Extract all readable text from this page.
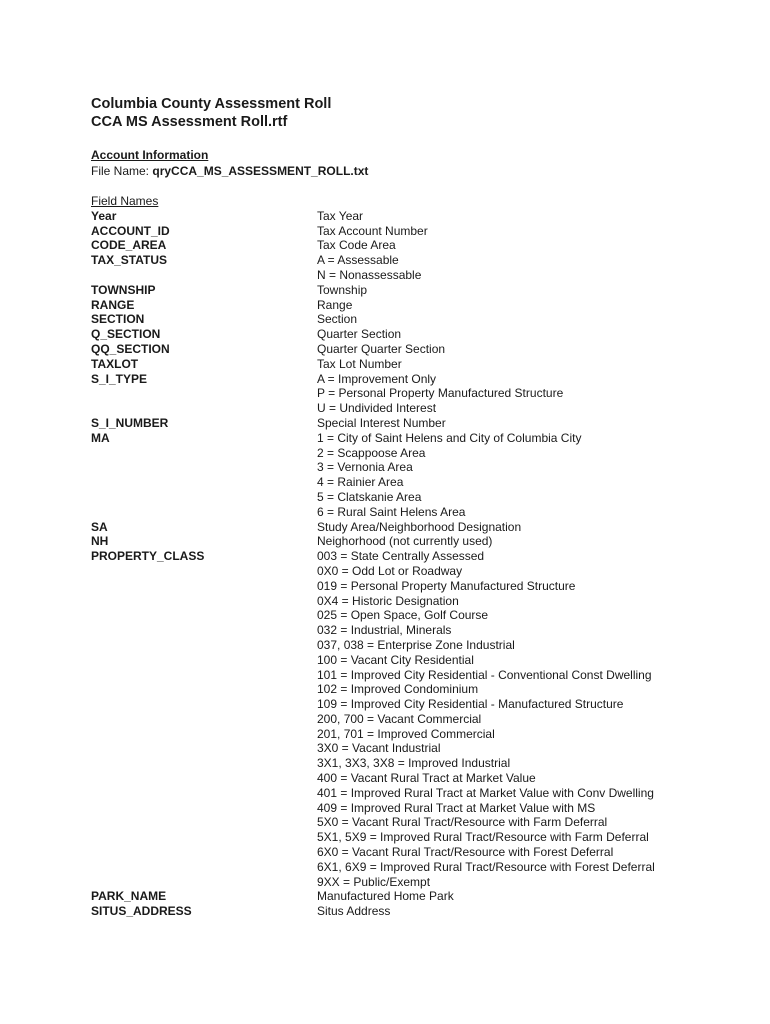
Columbia County Assessment Roll

CCA MS Assessment Roll.rtf

Account Information
File Name: qryCCA_MS_ASSESSMENT_ROLL.txt
Field Names
Year	Tax Year
ACCOUNT_ID	Tax Account Number
CODE_AREA	Tax Code Area
TAX_STATUS	A = Assessable
N = Nonassessable
TOWNSHIP	Township
RANGE	Range
SECTION	Section
Q_SECTION	Quarter Section
QQ_SECTION	Quarter Quarter Section
TAXLOT	Tax Lot Number
S_I_TYPE	A = Improvement Only
P = Personal Property Manufactured Structure
U = Undivided Interest
S_I_NUMBER	Special Interest Number
MA	1 = City of Saint Helens and City of Columbia City
2 = Scappoose Area
3 = Vernonia Area
4 = Rainier Area
5 = Clatskanie Area
6 = Rural Saint Helens Area
SA	Study Area/Neighborhood Designation
NH	Neighorhood (not currently used)
PROPERTY_CLASS	003 = State Centrally Assessed
0X0 = Odd Lot or Roadway
019 = Personal Property Manufactured Structure
0X4 = Historic Designation
025 = Open Space, Golf Course
032 = Industrial, Minerals
037, 038 = Enterprise Zone Industrial
100 = Vacant City Residential
101 = Improved City Residential - Conventional Const Dwelling
102 = Improved Condominium
109 = Improved City Residential - Manufactured Structure
200, 700 = Vacant Commercial
201, 701 = Improved Commercial
3X0 = Vacant Industrial
3X1, 3X3, 3X8 = Improved Industrial
400 = Vacant Rural Tract at Market Value
401 = Improved Rural Tract at Market Value with Conv Dwelling
409 = Improved Rural Tract at Market Value with MS
5X0 = Vacant Rural Tract/Resource with Farm Deferral
5X1, 5X9 = Improved Rural Tract/Resource with Farm Deferral
6X0 = Vacant Rural Tract/Resource with Forest Deferral
6X1, 6X9 = Improved Rural Tract/Resource with Forest Deferral
9XX = Public/Exempt
PARK_NAME	Manufactured Home Park
SITUS_ADDRESS	Situs Address
